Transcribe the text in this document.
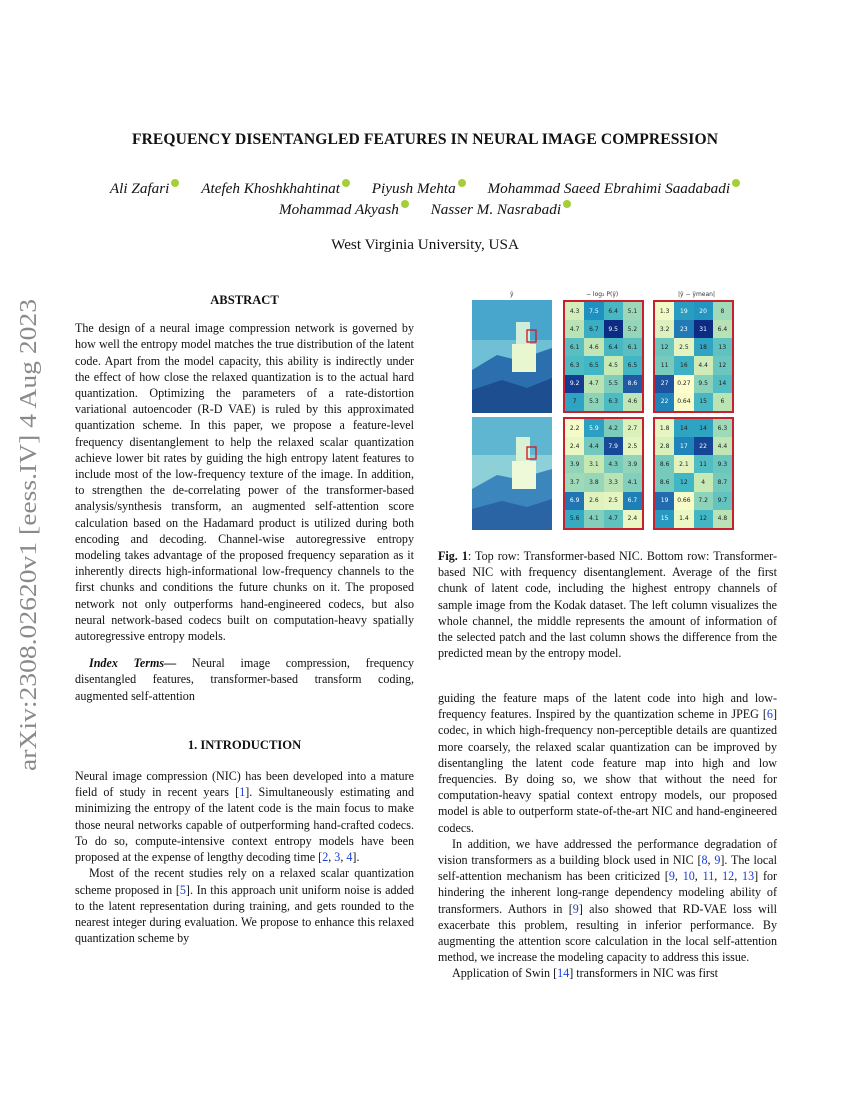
arXiv:2308.02620v1 [eess.IV] 4 Aug 2023
FREQUENCY DISENTANGLED FEATURES IN NEURAL IMAGE COMPRESSION
Ali Zafari Atefeh Khoshkhahtinat Piyush Mehta Mohammad Saeed Ebrahimi Saadabadi
Mohammad Akyash Nasser M. Nasrabadi
West Virginia University, USA
ABSTRACT

The design of a neural image compression network is governed by how well the entropy model matches the true distribution of the latent code. Apart from the model capacity, this ability is indirectly under the effect of how close the relaxed quantization is to the actual hard quantization. Optimizing the parameters of a rate-distortion variational autoencoder (R-D VAE) is ruled by this approximated quantization scheme. In this paper, we propose a feature-level frequency disentanglement to help the relaxed scalar quantization achieve lower bit rates by guiding the high entropy latent features to include most of the low-frequency texture of the image. In addition, to strengthen the de-correlating power of the transformer-based analysis/synthesis transform, an augmented self-attention score calculation based on the Hadamard product is utilized during both encoding and decoding. Channel-wise autoregressive entropy modeling takes advantage of the proposed frequency separation as it inherently directs high-informational low-frequency channels to the first chunks and conditions the future chunks on it. The proposed network not only outperforms hand-engineered codecs, but also neural network-based codecs built on computation-heavy spatially autoregressive entropy models.

Index Terms— Neural image compression, frequency disentangled features, transformer-based transform coding, augmented self-attention

1. INTRODUCTION

Neural image compression (NIC) has been developed into a mature field of study in recent years [1]. Simultaneously estimating and minimizing the entropy of the latent code is the main focus to make those neural networks capable of outperforming hand-crafted codecs. To do so, compute-intensive context entropy models have been proposed at the expense of lengthy decoding time [2, 3, 4].

Most of the recent studies rely on a relaxed scalar quantization scheme proposed in [5]. In this approach unit uniform noise is added to the latent representation during training, and gets rounded to the nearest integer during evaluation. We propose to enhance this relaxed quantization scheme by

ŷ	− log₂ P(ŷ)	|ŷ − ŷmean|
4.3	7.5	6.4	5.1
4.7	6.7	9.5	5.2
6.1	4.6	6.4	6.1
6.3	6.5	4.5	6.5
9.2	4.7	5.5	8.6
7	5.3	6.3	4.6
1.3	19	20	8
3.2	23	31	6.4
12	2.5	18	13
11	16	4.4	12
27	0.27	9.5	14
22	0.64	15	6
2.2	5.9	4.2	2.7
2.4	4.4	7.9	2.5
3.9	3.1	4.3	3.9
3.7	3.8	3.3	4.1
6.9	2.6	2.5	6.7
5.6	4.1	4.7	2.4
1.8	14	14	6.3
2.8	17	22	4.4
8.6	2.1	11	9.3
8.6	12	4	8.7
19	0.66	7.2	9.7
15	1.4	12	4.8
Fig. 1: Top row: Transformer-based NIC. Bottom row: Transformer-based NIC with frequency disentanglement. Average of the first chunk of latent code, including the highest entropy channels of sample image from the Kodak dataset. The left column visualizes the whole channel, the middle represents the amount of information of the selected patch and the last column shows the difference from the predicted mean by the entropy model.

guiding the feature maps of the latent code into high and low-frequency features. Inspired by the quantization scheme in JPEG [6] codec, in which high-frequency non-perceptible details are quantized more coarsely, the relaxed scalar quantization can be improved by disentangling the latent code feature map into high and low frequencies. By doing so, we show that without the need for computation-heavy spatial context entropy models, our proposed model is able to outperform state-of-the-art NIC and hand-engineered codecs.

In addition, we have addressed the performance degradation of vision transformers as a building block used in NIC [8, 9]. The local self-attention mechanism has been criticized [9, 10, 11, 12, 13] for hindering the inherent long-range dependency modeling ability of transformers. Authors in [9] also showed that RD-VAE loss will exacerbate this problem, resulting in inferior performance. By augmenting the attention score calculation in the local self-attention method, we increase the modeling capacity to address this issue.

Application of Swin [14] transformers in NIC was first
